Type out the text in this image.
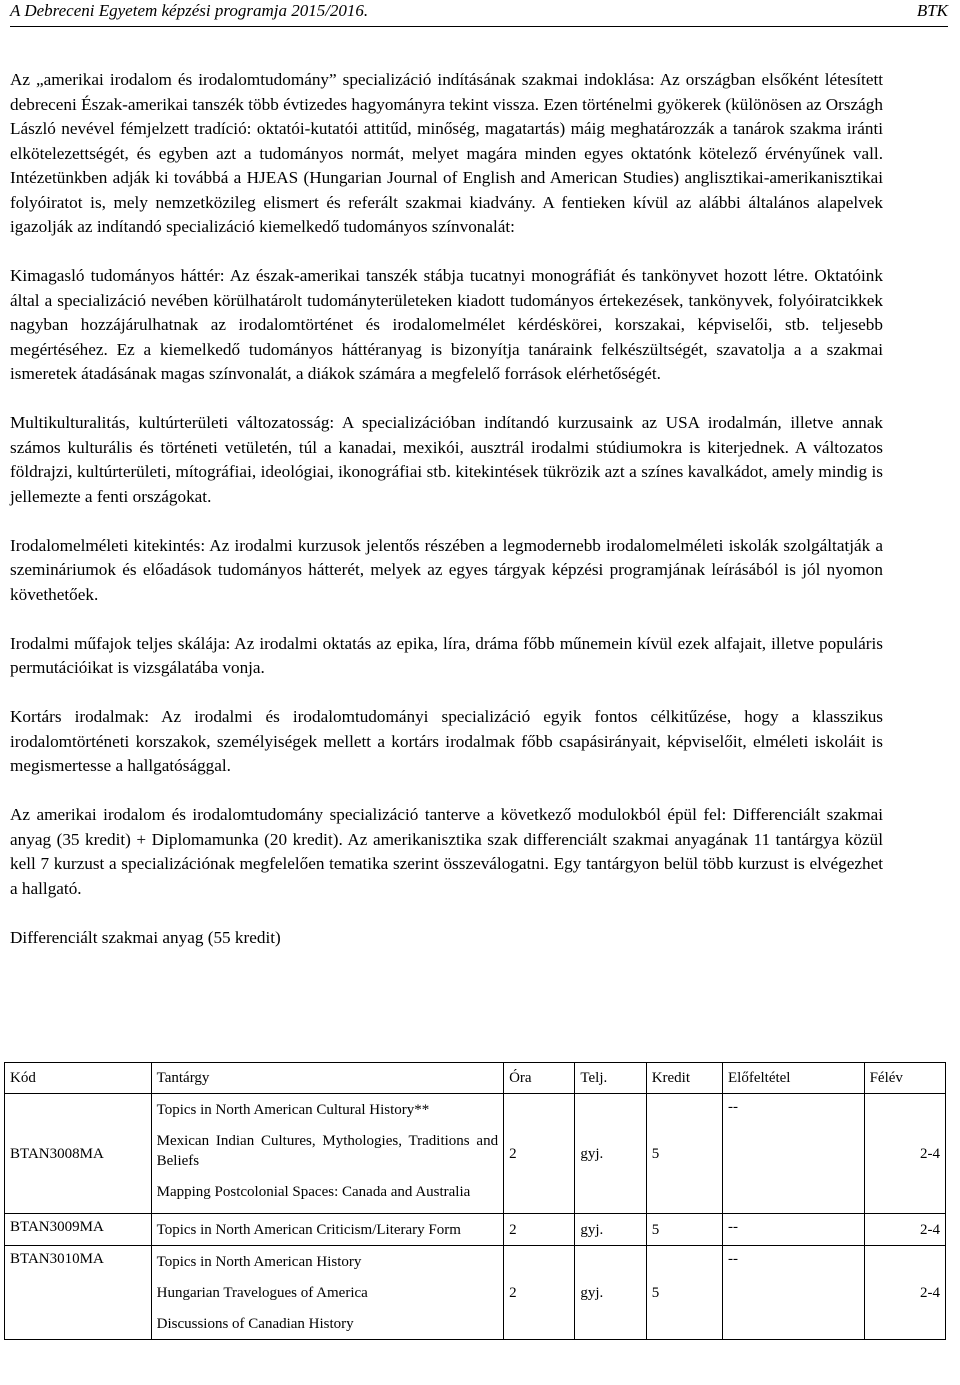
A Debreceni Egyetem képzési programja 2015/2016.	BTK

Az „amerikai irodalom és irodalomtudomány” specializáció indításának szakmai indoklása: Az országban elsőként létesített debreceni Észak-amerikai tanszék több évtizedes hagyományra tekint vissza. Ezen történelmi gyökerek (különösen az Országh László nevével fémjelzett tradíció: oktatói-kutatói attitűd, minőség, magatartás) máig meghatározzák a tanárok szakma iránti elkötelezettségét, és egyben azt a tudományos normát, melyet magára minden egyes oktatónk kötelező érvényűnek vall. Intézetünkben adják ki továbbá a HJEAS (Hungarian Journal of English and American Studies) anglisztikai-amerikanisztikai folyóiratot is, mely nemzetközileg elismert és referált szakmai kiadvány. A fentieken kívül az alábbi általános alapelvek igazolják az indítandó specializáció kiemelkedő tudományos színvonalát:

Kimagasló tudományos háttér: Az észak-amerikai tanszék stábja tucatnyi monográfiát és tankönyvet hozott létre. Oktatóink által a specializáció nevében körülhatárolt tudományterületeken kiadott tudományos értekezések, tankönyvek, folyóiratcikkek nagyban hozzájárulhatnak az irodalomtörténet és irodalomelmélet kérdéskörei, korszakai, képviselői, stb. teljesebb megértéséhez. Ez a kiemelkedő tudományos háttéranyag is bizonyítja tanáraink felkészültségét, szavatolja a a szakmai ismeretek átadásának magas színvonalát, a diákok számára a megfelelő források elérhetőségét.

Multikulturalitás, kultúrterületi változatosság: A specializációban indítandó kurzusaink az USA irodalmán, illetve annak számos kulturális és történeti vetületén, túl a kanadai, mexikói, ausztrál irodalmi stúdiumokra is kiterjednek. A változatos földrajzi, kultúrterületi, mítográfiai, ideológiai, ikonográfiai stb. kitekintések tükrözik azt a színes kavalkádot, amely mindig is jellemezte a fenti országokat.

Irodalomelméleti kitekintés: Az irodalmi kurzusok jelentős részében a legmodernebb irodalomelméleti iskolák szolgáltatják a szemináriumok és előadások tudományos hátterét, melyek az egyes tárgyak képzési programjának leírásából is jól nyomon követhetőek.

Irodalmi műfajok teljes skálája: Az irodalmi oktatás az epika, líra, dráma főbb műnemein kívül ezek alfajait, illetve populáris permutációikat is vizsgálatába vonja.

Kortárs irodalmak: Az irodalmi és irodalomtudományi specializáció egyik fontos célkitűzése, hogy a klasszikus irodalomtörténeti korszakok, személyiségek mellett a kortárs irodalmak főbb csapásirányait, képviselőit, elméleti iskoláit is megismertesse a hallgatósággal.

Az amerikai irodalom és irodalomtudomány specializáció tanterve a következő modulokból épül fel: Differenciált szakmai anyag (35 kredit) + Diplomamunka (20 kredit). Az amerikanisztika szak differenciált szakmai anyagának 11 tantárgya közül kell 7 kurzust a specializációnak megfelelően tematika szerint összeválogatni. Egy tantárgyon belül több kurzust is elvégezhet a hallgató.

Differenciált szakmai anyag (55 kredit)

Kód	Tantárgy	Óra	Telj.	Kredit	Előfeltétel	Félév
BTAN3008MA	Topics in North American Cultural History**
Mexican Indian Cultures, Mythologies, Traditions and Beliefs
Mapping Postcolonial Spaces: Canada and Australia	2	gyj.	5	--	2-4
BTAN3009MA	Topics in North American Criticism/Literary Form	2	gyj.	5	--	2-4
BTAN3010MA	Topics in North American History
Hungarian Travelogues of America
Discussions of Canadian History	2	gyj.	5	--	2-4
